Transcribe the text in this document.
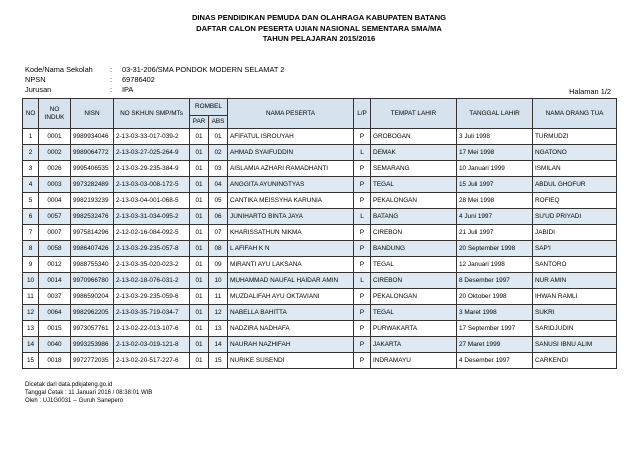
DINAS PENDIDIKAN PEMUDA DAN OLAHRAGA KABUPATEN BATANG
DAFTAR CALON PESERTA UJIAN NASIONAL SEMENTARA SMA/MA
TAHUN PELAJARAN 2015/2016
Kode/Nama Sekolah	:	03-31-206/SMA PONDOK MODERN SELAMAT 2
NPSN	:	69786402
Jurusan	:	IPA	Halaman 1/2
NO	NO INDUK	NISN	NO SKHUN SMP/MTs	ROMBEL		NAMA PESERTA	L/P	TEMPAT LAHIR	TANGGAL LAHIR	NAMA ORANG TUA
				PAR	ABS					
1	0001	9989934046	2-13-03-33-017-039-2	01	01	AFIFATUL ISROUYAH	P	GROBOGAN	3 Juli 1998	TURMUDZI
2	0002	9989064772	2-13-03-27-025-264-9	01	02	AHMAD SYAIFUDDIN	L	DEMAK	17 Mei 1998	NGATONO
3	0026	9995406535	2-13-03-29-235-384-9	01	03	AISLAMIA AZHARI RAMADHANTI	P	SEMARANG	10 Januari 1999	ISMILAN
4	0003	9973282489	2-13-03-03-008-172-5	01	04	ANGGITA AYUNINGTYAS	P	TEGAL	15 Juli 1997	ABDUL GHOFUR
5	0004	9982193239	2-13-03-04-001-068-5	01	05	CANTIKA MEISSYHA KARUNIA	P	PEKALONGAN	28 Mei 1998	ROFIEQ
6	0057	9982532476	2-13-03-31-034-095-2	01	06	JUNIHARTO BINTA JAYA	L	BATANG	4 Juni 1997	SU'UD PRIYADI
7	0007	9975814296	2-12-02-16-084-092-5	01	07	KHARISSATHUN NIKMA	P	CIREBON	21 Juli 1997	JABIDI
8	0058	9986407426	2-13-03-29-235-057-8	01	08	L AFIFAH K N	P	BANDUNG	20 September 1998	SAP'I
9	0012	9988755340	2-13-03-35-020-023-2	01	09	MIRANTI AYU LAKSANA	P	TEGAL	12 Januari 1998	SANTORO
10	0014	9970966780	2-13-02-18-076-031-2	01	10	MUHAMMAD NAUFAL HAIDAR AMIN	L	CIREBON	8 Desember 1997	NUR AMIN
11	0037	9986590204	2-13-03-29-235-059-6	01	11	MUZDALIFAH AYU OKTAVIANI	P	PEKALONGAN	20 Oktober 1998	IHWAN RAMLI
12	0064	9982962205	2-13-03-35-719-034-7	01	12	NABELLA BAHITTA	P	TEGAL	3 Maret 1998	SUKRI
13	0015	9973057761	2-13-02-22-013-107-6	01	13	NADZIRA NADHAFA	P	PURWAKARTA	17 September 1997	SARIDJUDIN
14	0040	9993253986	2-13-02-03-019-121-8	01	14	NAURAH NAZHIFAH	P	JAKARTA	27 Maret 1999	SANUSI IBNU ALIM
15	0018	9972772035	2-13-02-20-517-227-6	01	15	NURIKE SUSENDI	P	INDRAMAYU	4 Desember 1997	CARKENDI
Dicetak dari data.pdkjateng.go.id
Tanggal Cetak : 11 Januari 2016 / 08:38:01 WIB
Oleh : UJ1G0031 -- Guruh Sanepero
